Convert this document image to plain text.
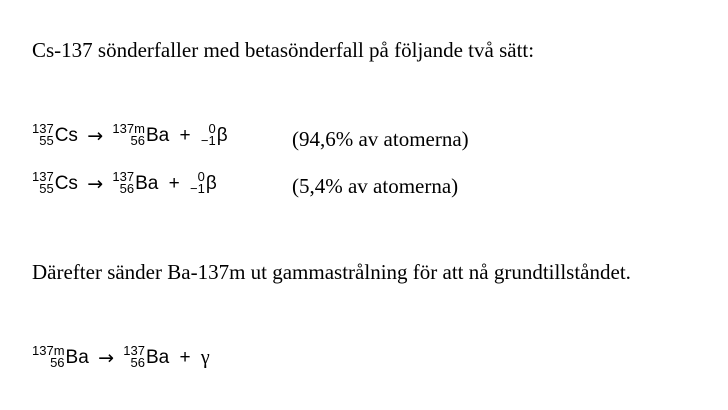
Cs-137 sönderfaller med betasönderfall på följande två sätt:
137
55 Cs → 137m
56 Ba + 0
−1 β	(94,6% av atomerna)
137
55 Cs → 137
56 Ba + 0
−1 β	(5,4% av atomerna)
Därefter sänder Ba-137m ut gammastrålning för att nå grundtillståndet.
137m
56 Ba → 137
56 Ba + γ
